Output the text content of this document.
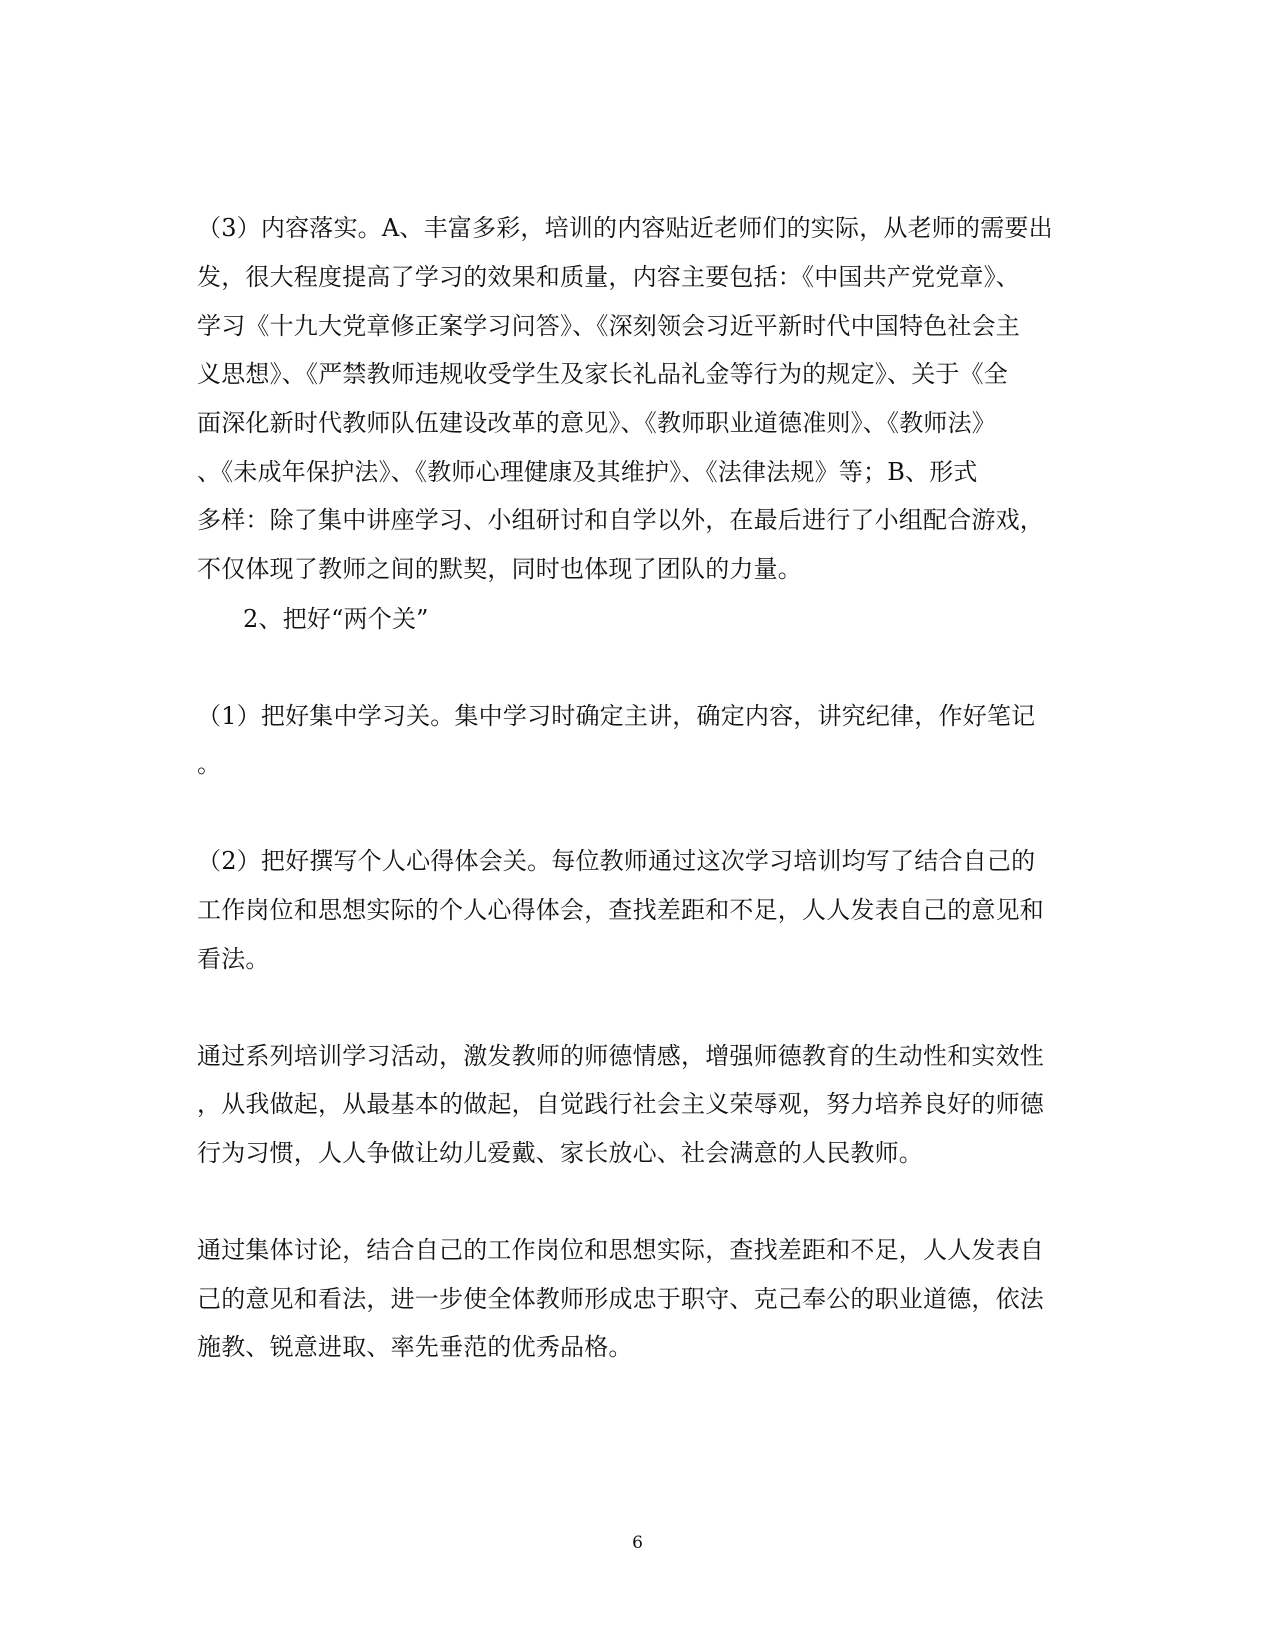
（3）内容落实。A、丰富多彩，培训的内容贴近老师们的实际，从老师的需要出
发，很大程度提高了学习的效果和质量，内容主要包括：《中国共产党党章》、
学习《十九大党章修正案学习问答》、《深刻领会习近平新时代中国特色社会主
义思想》、《严禁教师违规收受学生及家长礼品礼金等行为的规定》、关于《全
面深化新时代教师队伍建设改革的意见》、《教师职业道德准则》、《教师法》
、《未成年保护法》、《教师心理健康及其维护》、《法律法规》等；B、形式
多样：除了集中讲座学习、小组研讨和自学以外，在最后进行了小组配合游戏，
不仅体现了教师之间的默契，同时也体现了团队的力量。
2、把好“两个关”
（1）把好集中学习关。集中学习时确定主讲，确定内容，讲究纪律，作好笔记
。
（2）把好撰写个人心得体会关。每位教师通过这次学习培训均写了结合自己的
工作岗位和思想实际的个人心得体会，查找差距和不足，人人发表自己的意见和
看法。
通过系列培训学习活动，激发教师的师德情感，增强师德教育的生动性和实效性
，从我做起，从最基本的做起，自觉践行社会主义荣辱观，努力培养良好的师德
行为习惯，人人争做让幼儿爱戴、家长放心、社会满意的人民教师。
通过集体讨论，结合自己的工作岗位和思想实际，查找差距和不足，人人发表自
己的意见和看法，进一步使全体教师形成忠于职守、克己奉公的职业道德，依法
施教、锐意进取、率先垂范的优秀品格。
6
